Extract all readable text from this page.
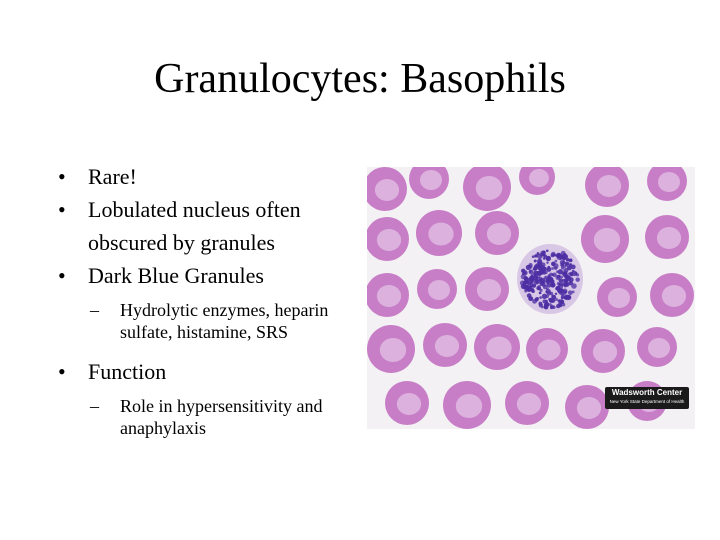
Granulocytes: Basophils
• Rare!
• Lobulated nucleus often obscured by granules
• Dark Blue Granules
– Hydrolytic enzymes, heparin sulfate, histamine, SRS
• Function
– Role in hypersensitivity and anaphylaxis
Wadsworth Center
New York State Department of Health
